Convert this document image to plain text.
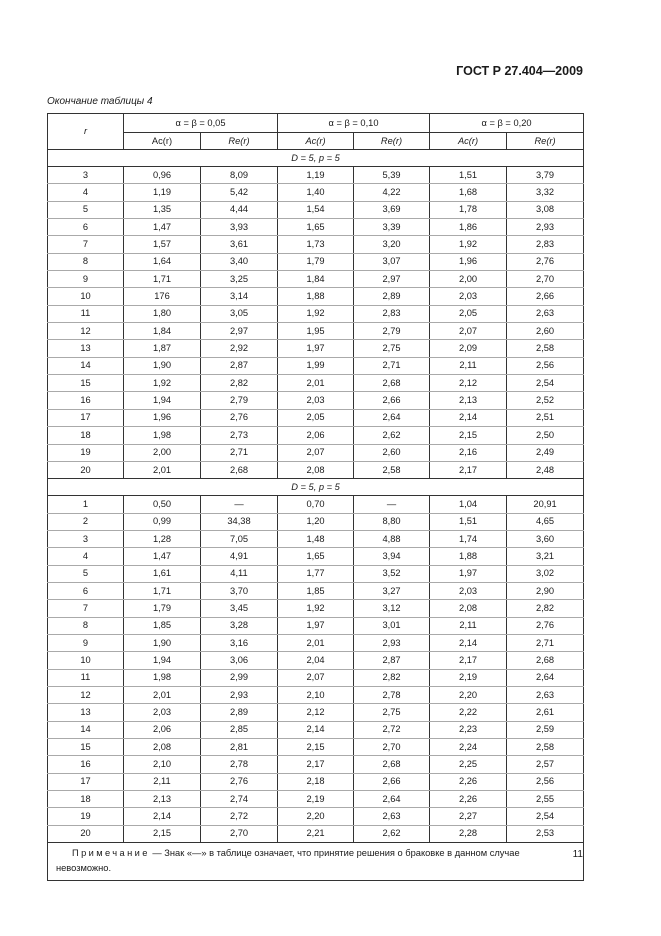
ГОСТ Р 27.404—2009
Окончание таблицы 4
r	α = β = 0,05		α = β = 0,10		α = β = 0,20	
	Ac(r)	Re(r)	Ac(r)	Re(r)	Ac(r)	Re(r)
D = 5, p = 5						
3	0,96	8,09	1,19	5,39	1,51	3,79
4	1,19	5,42	1,40	4,22	1,68	3,32
5	1,35	4,44	1,54	3,69	1,78	3,08
6	1,47	3,93	1,65	3,39	1,86	2,93
7	1,57	3,61	1,73	3,20	1,92	2,83
8	1,64	3,40	1,79	3,07	1,96	2,76
9	1,71	3,25	1,84	2,97	2,00	2,70
10	176	3,14	1,88	2,89	2,03	2,66
11	1,80	3,05	1,92	2,83	2,05	2,63
12	1,84	2,97	1,95	2,79	2,07	2,60
13	1,87	2,92	1,97	2,75	2,09	2,58
14	1,90	2,87	1,99	2,71	2,11	2,56
15	1,92	2,82	2,01	2,68	2,12	2,54
16	1,94	2,79	2,03	2,66	2,13	2,52
17	1,96	2,76	2,05	2,64	2,14	2,51
18	1,98	2,73	2,06	2,62	2,15	2,50
19	2,00	2,71	2,07	2,60	2,16	2,49
20	2,01	2,68	2,08	2,58	2,17	2,48
D = 5, p = 5						
1	0,50	—	0,70	—	1,04	20,91
2	0,99	34,38	1,20	8,80	1,51	4,65
3	1,28	7,05	1,48	4,88	1,74	3,60
4	1,47	4,91	1,65	3,94	1,88	3,21
5	1,61	4,11	1,77	3,52	1,97	3,02
6	1,71	3,70	1,85	3,27	2,03	2,90
7	1,79	3,45	1,92	3,12	2,08	2,82
8	1,85	3,28	1,97	3,01	2,11	2,76
9	1,90	3,16	2,01	2,93	2,14	2,71
10	1,94	3,06	2,04	2,87	2,17	2,68
11	1,98	2,99	2,07	2,82	2,19	2,64
12	2,01	2,93	2,10	2,78	2,20	2,63
13	2,03	2,89	2,12	2,75	2,22	2,61
14	2,06	2,85	2,14	2,72	2,23	2,59
15	2,08	2,81	2,15	2,70	2,24	2,58
16	2,10	2,78	2,17	2,68	2,25	2,57
17	2,11	2,76	2,18	2,66	2,26	2,56
18	2,13	2,74	2,19	2,64	2,26	2,55
19	2,14	2,72	2,20	2,63	2,27	2,54
20	2,15	2,70	2,21	2,62	2,28	2,53
Примечание — Знак «—» в таблице означает, что принятие решения о браковке в данном случае невозможно.						
11
